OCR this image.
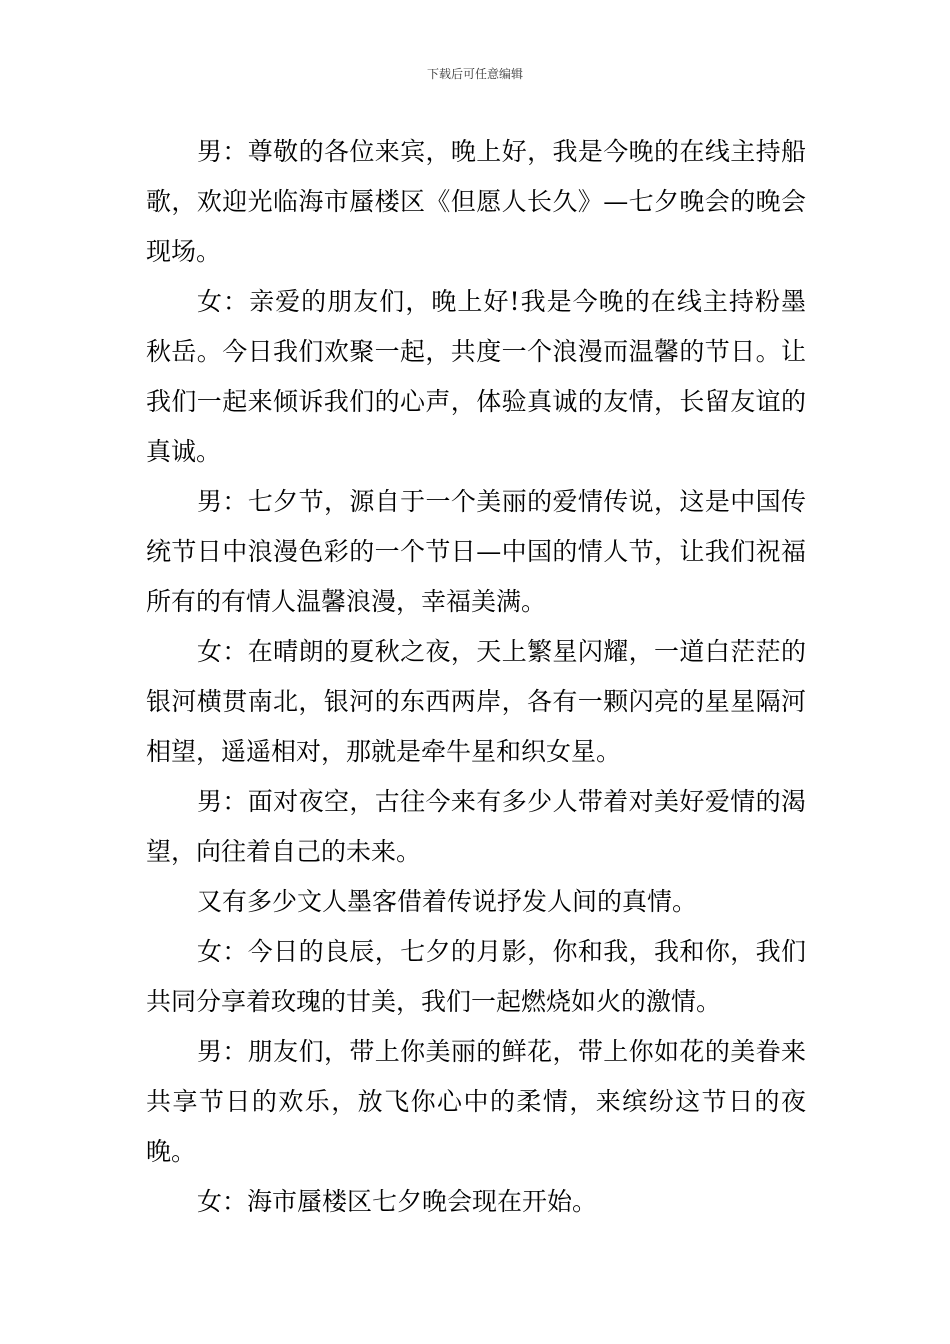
下载后可任意编辑

男：尊敬的各位来宾，晚上好，我是今晚的在线主持船歌，欢迎光临海市蜃楼区《但愿人长久》—七夕晚会的晚会现场。

女：亲爱的朋友们，晚上好!我是今晚的在线主持粉墨秋岳。今日我们欢聚一起，共度一个浪漫而温馨的节日。让我们一起来倾诉我们的心声，体验真诚的友情，长留友谊的真诚。

男：七夕节，源自于一个美丽的爱情传说，这是中国传统节日中浪漫色彩的一个节日—中国的情人节，让我们祝福所有的有情人温馨浪漫，幸福美满。

女：在晴朗的夏秋之夜，天上繁星闪耀，一道白茫茫的银河横贯南北，银河的东西两岸，各有一颗闪亮的星星隔河相望，遥遥相对，那就是牵牛星和织女星。

男：面对夜空，古往今来有多少人带着对美好爱情的渴望，向往着自己的未来。

又有多少文人墨客借着传说抒发人间的真情。

女：今日的良辰，七夕的月影，你和我，我和你，我们共同分享着玫瑰的甘美，我们一起燃烧如火的激情。

男：朋友们，带上你美丽的鲜花，带上你如花的美眷来共享节日的欢乐，放飞你心中的柔情，来缤纷这节日的夜晚。

女：海市蜃楼区七夕晚会现在开始。
